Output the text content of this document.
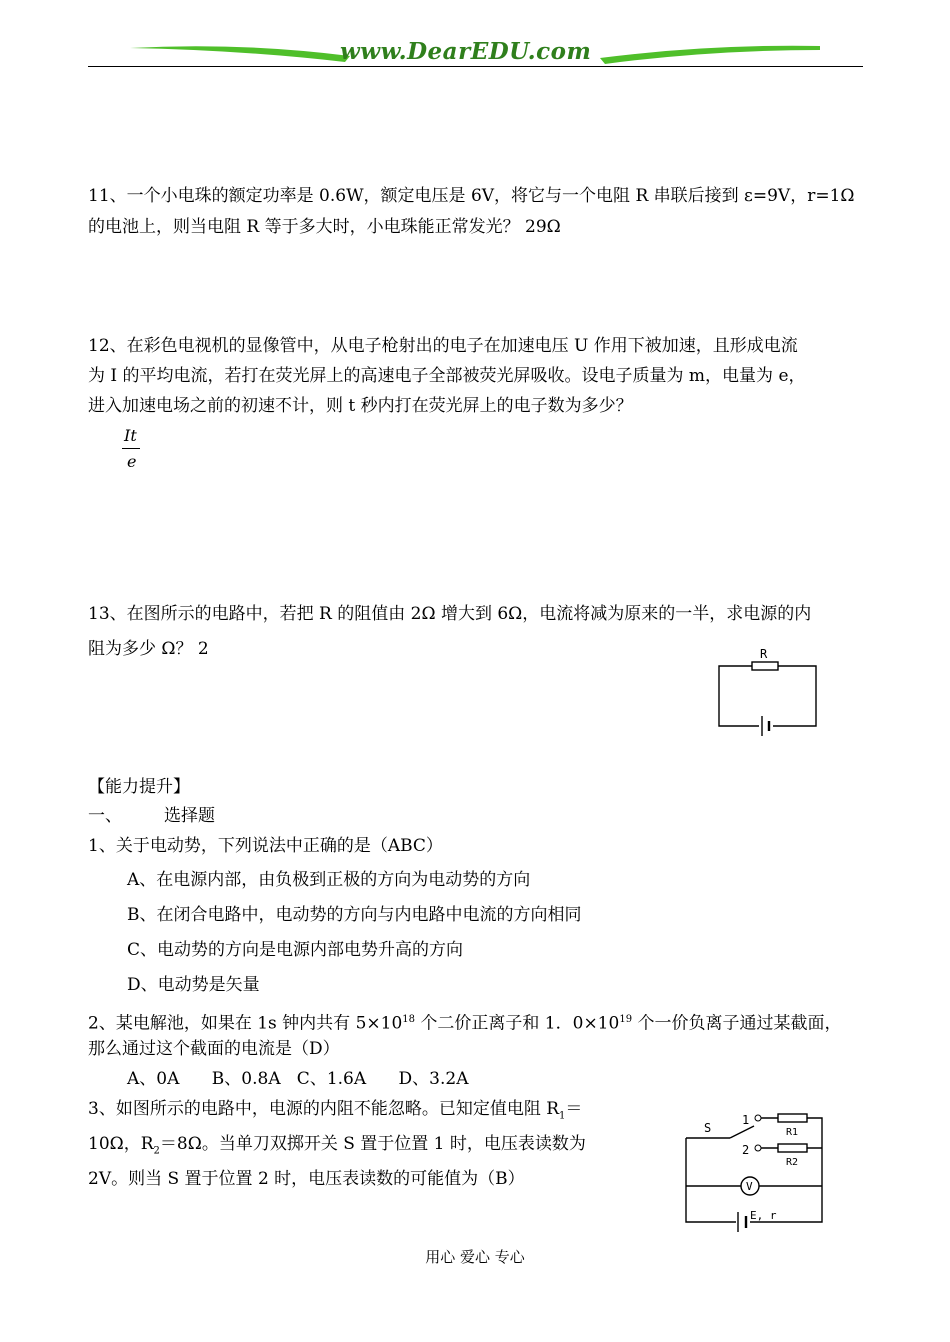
www.DearEDU.com
11、一个小电珠的额定功率是 0.6W，额定电压是 6V，将它与一个电阻 R 串联后接到 ε=9V，r=1Ω
的电池上，则当电阻 R 等于多大时，小电珠能正常发光？ 29Ω
12、在彩色电视机的显像管中，从电子枪射出的电子在加速电压 U 作用下被加速，且形成电流
为 I 的平均电流，若打在荧光屏上的高速电子全部被荧光屏吸收。设电子质量为 m，电量为 e，
进入加速电场之前的初速不计，则 t 秒内打在荧光屏上的电子数为多少？
It
e
13、在图所示的电路中，若把 R 的阻值由 2Ω 增大到 6Ω，电流将减为原来的一半，求电源的内
阻为多少 Ω？ 2	R
【能力提升】
一、 选择题
1、关于电动势，下列说法中正确的是（ABC）
A、在电源内部，由负极到正极的方向为电动势的方向
B、在闭合电路中，电动势的方向与内电路中电流的方向相同
C、电动势的方向是电源内部电势升高的方向
D、电动势是矢量
2、某电解池，如果在 1s 钟内共有 $5\times 10^{18}$ 个二价正离子和 1．$0\times 10^{19}$ 个一价负离子通过某截面，
那么通过这个截面的电流是（D）
A、0A      B、0.8A   C、1.6A      D、3.2A
3、如图所示的电路中，电源的内阻不能忽略。已知定值电阻 $R_1=$
10Ω，$R_2=8\Omega$。当单刀双掷开关 S 置于位置 1 时，电压表读数为
2V。则当 S 置于位置 2 时，电压表读数的可能值为（B）
S
1
2
R1
R2
V
E, r
用心 爱心 专心
